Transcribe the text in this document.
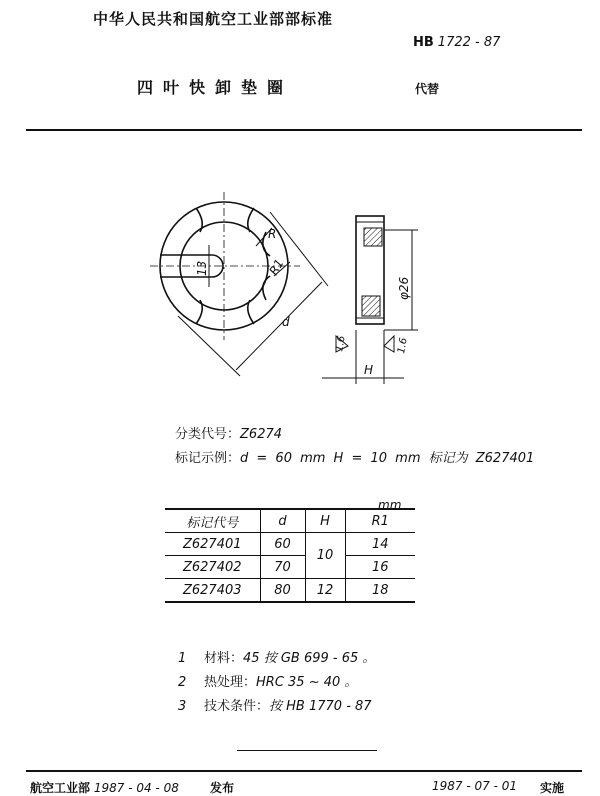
中华人民共和国航空工业部部标准
HB 1722 - 87
四叶快卸垫圈	代替
R
13	R1
d
φ26
H
1.6	1.6
分类代号：Z6274
标记示例：d = 60 mm H = 10 mm 标记为 Z627401
mm
标记代号	d	H	R1
Z627401	60	10	14
Z627402	70		16
Z627403	80	12	18
1 材料：45 按 GB 699 - 65 。
2 热处理：HRC 35 ~ 40 。
3 技术条件：按 HB 1770 - 87
航空工业部 1987 - 04 - 08	发布	1987 - 07 - 01 实施
